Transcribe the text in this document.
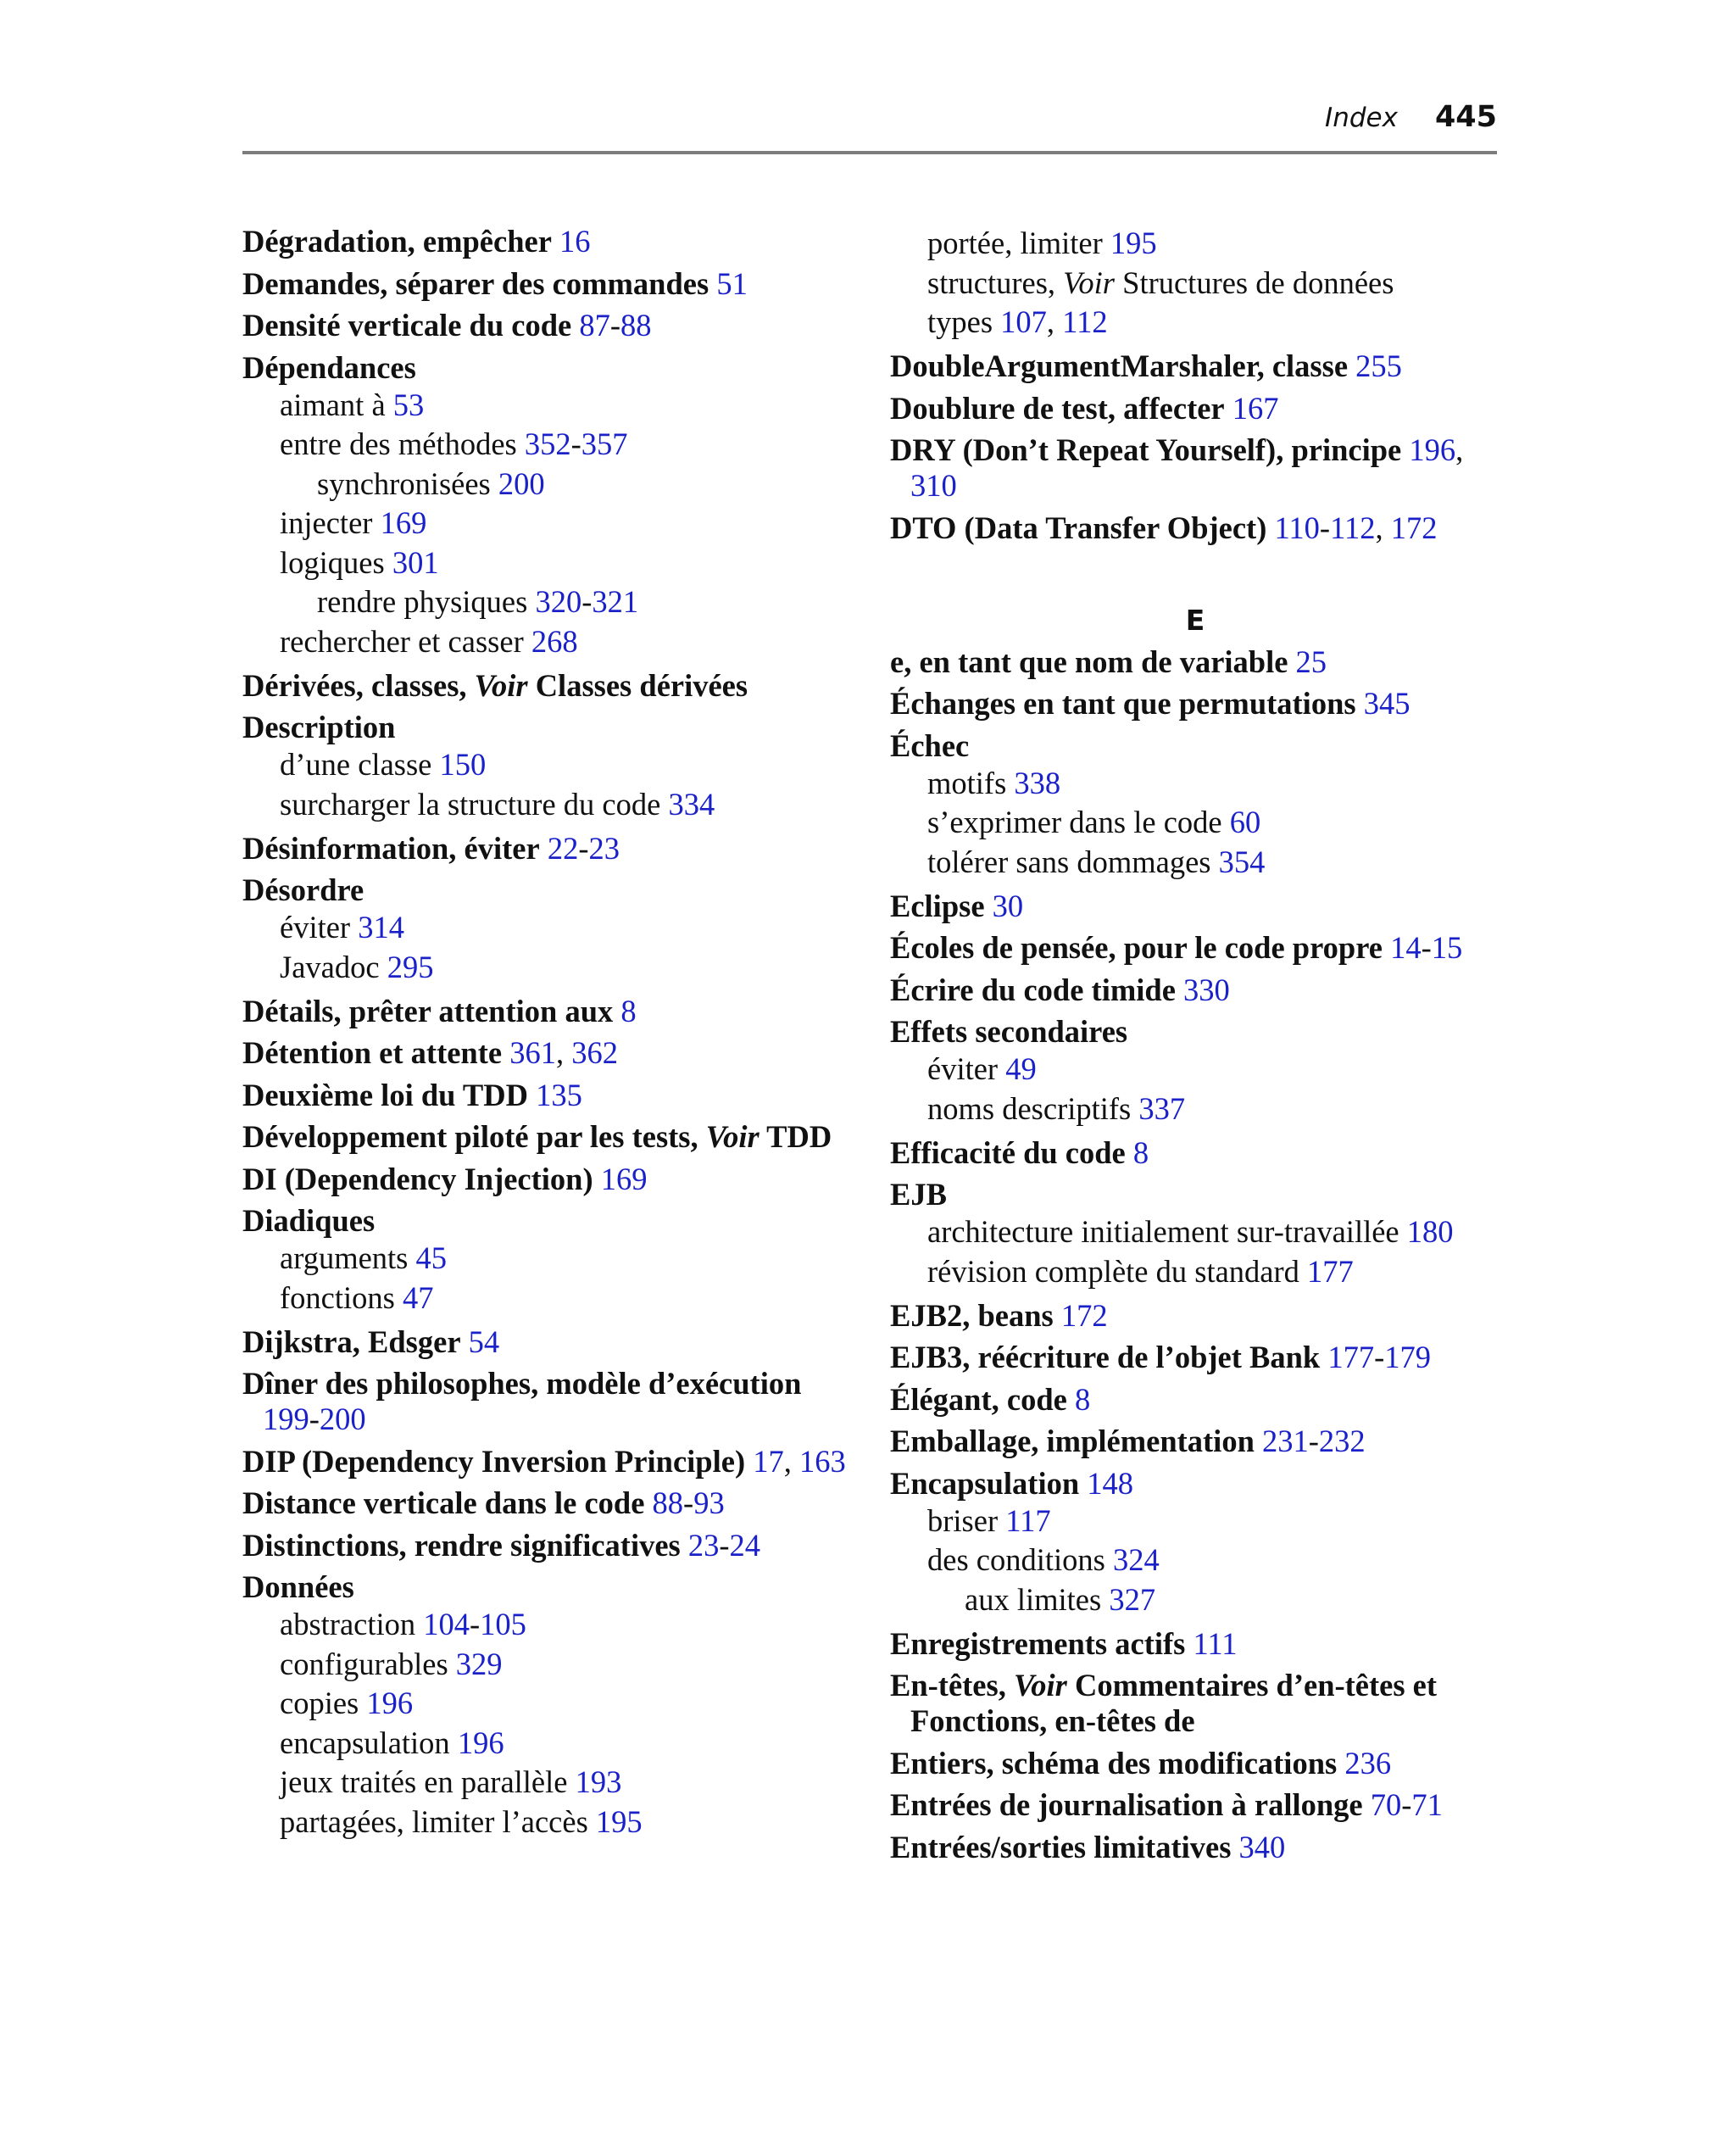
Index 445
Dégradation, empêcher 16
Demandes, séparer des commandes 51
Densité verticale du code 87-88
Dépendances
aimant à 53
entre des méthodes 352-357
synchronisées 200
injecter 169
logiques 301
rendre physiques 320-321
rechercher et casser 268
Dérivées, classes, Voir Classes dérivées
Description
d’une classe 150
surcharger la structure du code 334
Désinformation, éviter 22-23
Désordre
éviter 314
Javadoc 295
Détails, prêter attention aux 8
Détention et attente 361, 362
Deuxième loi du TDD 135
Développement piloté par les tests, Voir TDD
DI (Dependency Injection) 169
Diadiques
arguments 45
fonctions 47
Dijkstra, Edsger 54
Dîner des philosophes, modèle d’exécution 199-200
DIP (Dependency Inversion Principle) 17, 163
Distance verticale dans le code 88-93
Distinctions, rendre significatives 23-24
Données
abstraction 104-105
configurables 329
copies 196
encapsulation 196
jeux traités en parallèle 193
partagées, limiter l’accès 195
portée, limiter 195
structures, Voir Structures de données
types 107, 112
DoubleArgumentMarshaler, classe 255
Doublure de test, affecter 167
DRY (Don’t Repeat Yourself), principe 196, 310
DTO (Data Transfer Object) 110-112, 172
E
e, en tant que nom de variable 25
Échanges en tant que permutations 345
Échec
motifs 338
s’exprimer dans le code 60
tolérer sans dommages 354
Eclipse 30
Écoles de pensée, pour le code propre 14-15
Écrire du code timide 330
Effets secondaires
éviter 49
noms descriptifs 337
Efficacité du code 8
EJB
architecture initialement sur-travaillée 180
révision complète du standard 177
EJB2, beans 172
EJB3, réécriture de l’objet Bank 177-179
Élégant, code 8
Emballage, implémentation 231-232
Encapsulation 148
briser 117
des conditions 324
aux limites 327
Enregistrements actifs 111
En-têtes, Voir Commentaires d’en-têtes et Fonctions, en-têtes de
Entiers, schéma des modifications 236
Entrées de journalisation à rallonge 70-71
Entrées/sorties limitatives 340
